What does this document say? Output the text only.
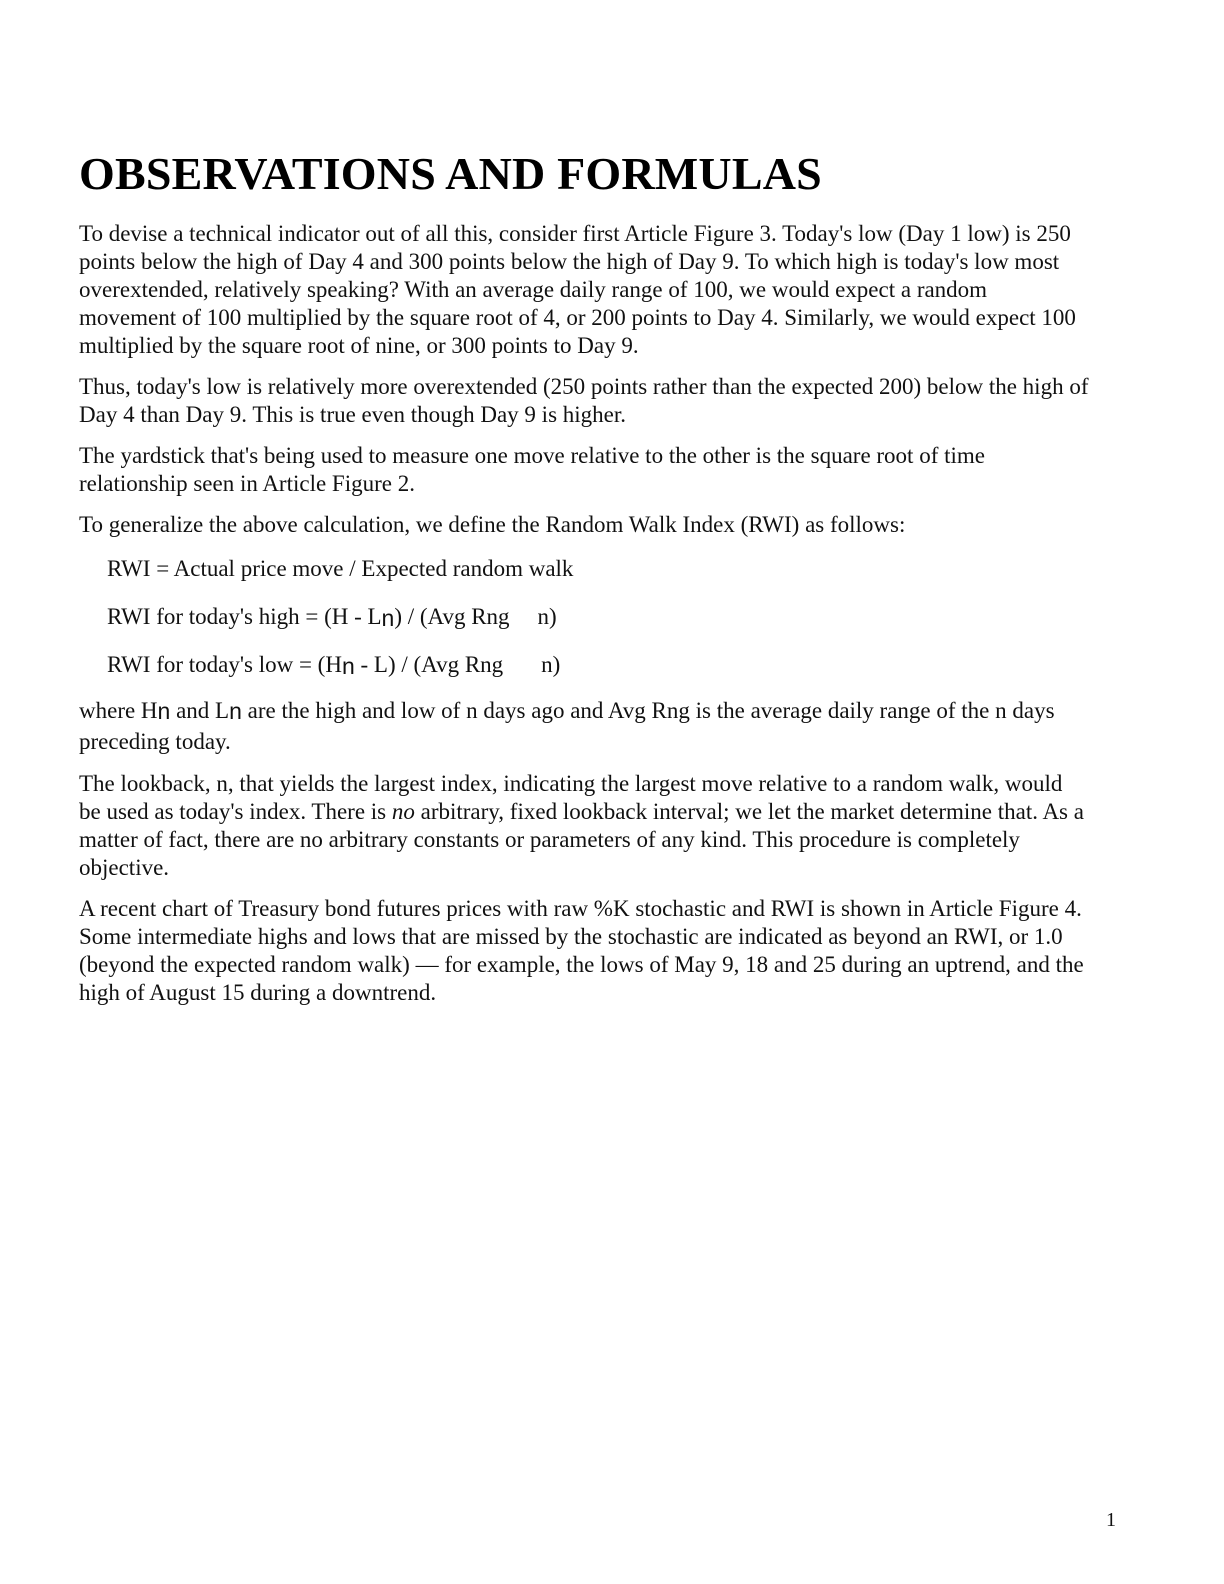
OBSERVATIONS AND FORMULAS

To devise a technical indicator out of all this, consider first Article Figure 3. Today's low (Day 1 low) is 250 points below the high of Day 4 and 300 points below the high of Day 9. To which high is today's low most overextended, relatively speaking? With an average daily range of 100, we would expect a random movement of 100 multiplied by the square root of 4, or 200 points to Day 4. Similarly, we would expect 100 multiplied by the square root of nine, or 300 points to Day 9.

Thus, today's low is relatively more overextended (250 points rather than the expected 200) below the high of Day 4 than Day 9. This is true even though Day 9 is higher.

The yardstick that's being used to measure one move relative to the other is the square root of time relationship seen in Article Figure 2.

To generalize the above calculation, we define the Random Walk Index (RWI) as follows:

RWI = Actual price move / Expected random walk
RWI for today's high = (H - Ln) / (Avg Rng n)
RWI for today's low = (Hn - L) / (Avg Rng n)

where Hn and Ln are the high and low of n days ago and Avg Rng is the average daily range of the n days preceding today.

The lookback, n, that yields the largest index, indicating the largest move relative to a random walk, would be used as today's index. There is no arbitrary, fixed lookback interval; we let the market determine that. As a matter of fact, there are no arbitrary constants or parameters of any kind. This procedure is completely objective.

A recent chart of Treasury bond futures prices with raw %K stochastic and RWI is shown in Article Figure 4. Some intermediate highs and lows that are missed by the stochastic are indicated as beyond an RWI, or 1.0 (beyond the expected random walk) — for example, the lows of May 9, 18 and 25 during an uptrend, and the high of August 15 during a downtrend.

1
